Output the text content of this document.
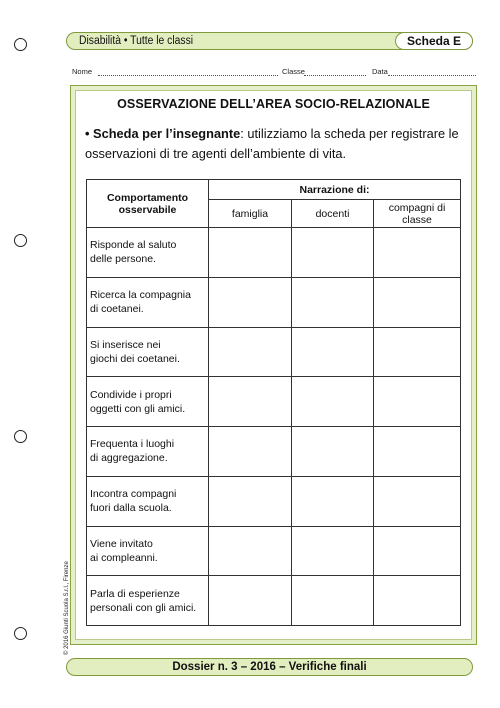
Disabilità • Tutte le classi	Scheda E
Nome	Classe	Data
OSSERVAZIONE DELL’AREA SOCIO-RELAZIONALE
• Scheda per l’insegnante: utilizziamo la scheda per registrare le osservazioni di tre agenti dell’ambiente di vita.
Comportamento osservabile	Narrazione di:		
	famiglia	docenti	compagni di classe
Risponde al saluto
delle persone.			
Ricerca la compagnia
di coetanei.			
Si inserisce nei
giochi dei coetanei.			
Condivide i propri
oggetti con gli amici.			
Frequenta i luoghi
di aggregazione.			
Incontra compagni
fuori dalla scuola.			
Viene invitato
ai compleanni.			
Parla di esperienze
personali con gli amici.			
Dossier n. 3 – 2016 – Verifiche finali
© 2016 Giunti Scuola S.r.l., Firenze
